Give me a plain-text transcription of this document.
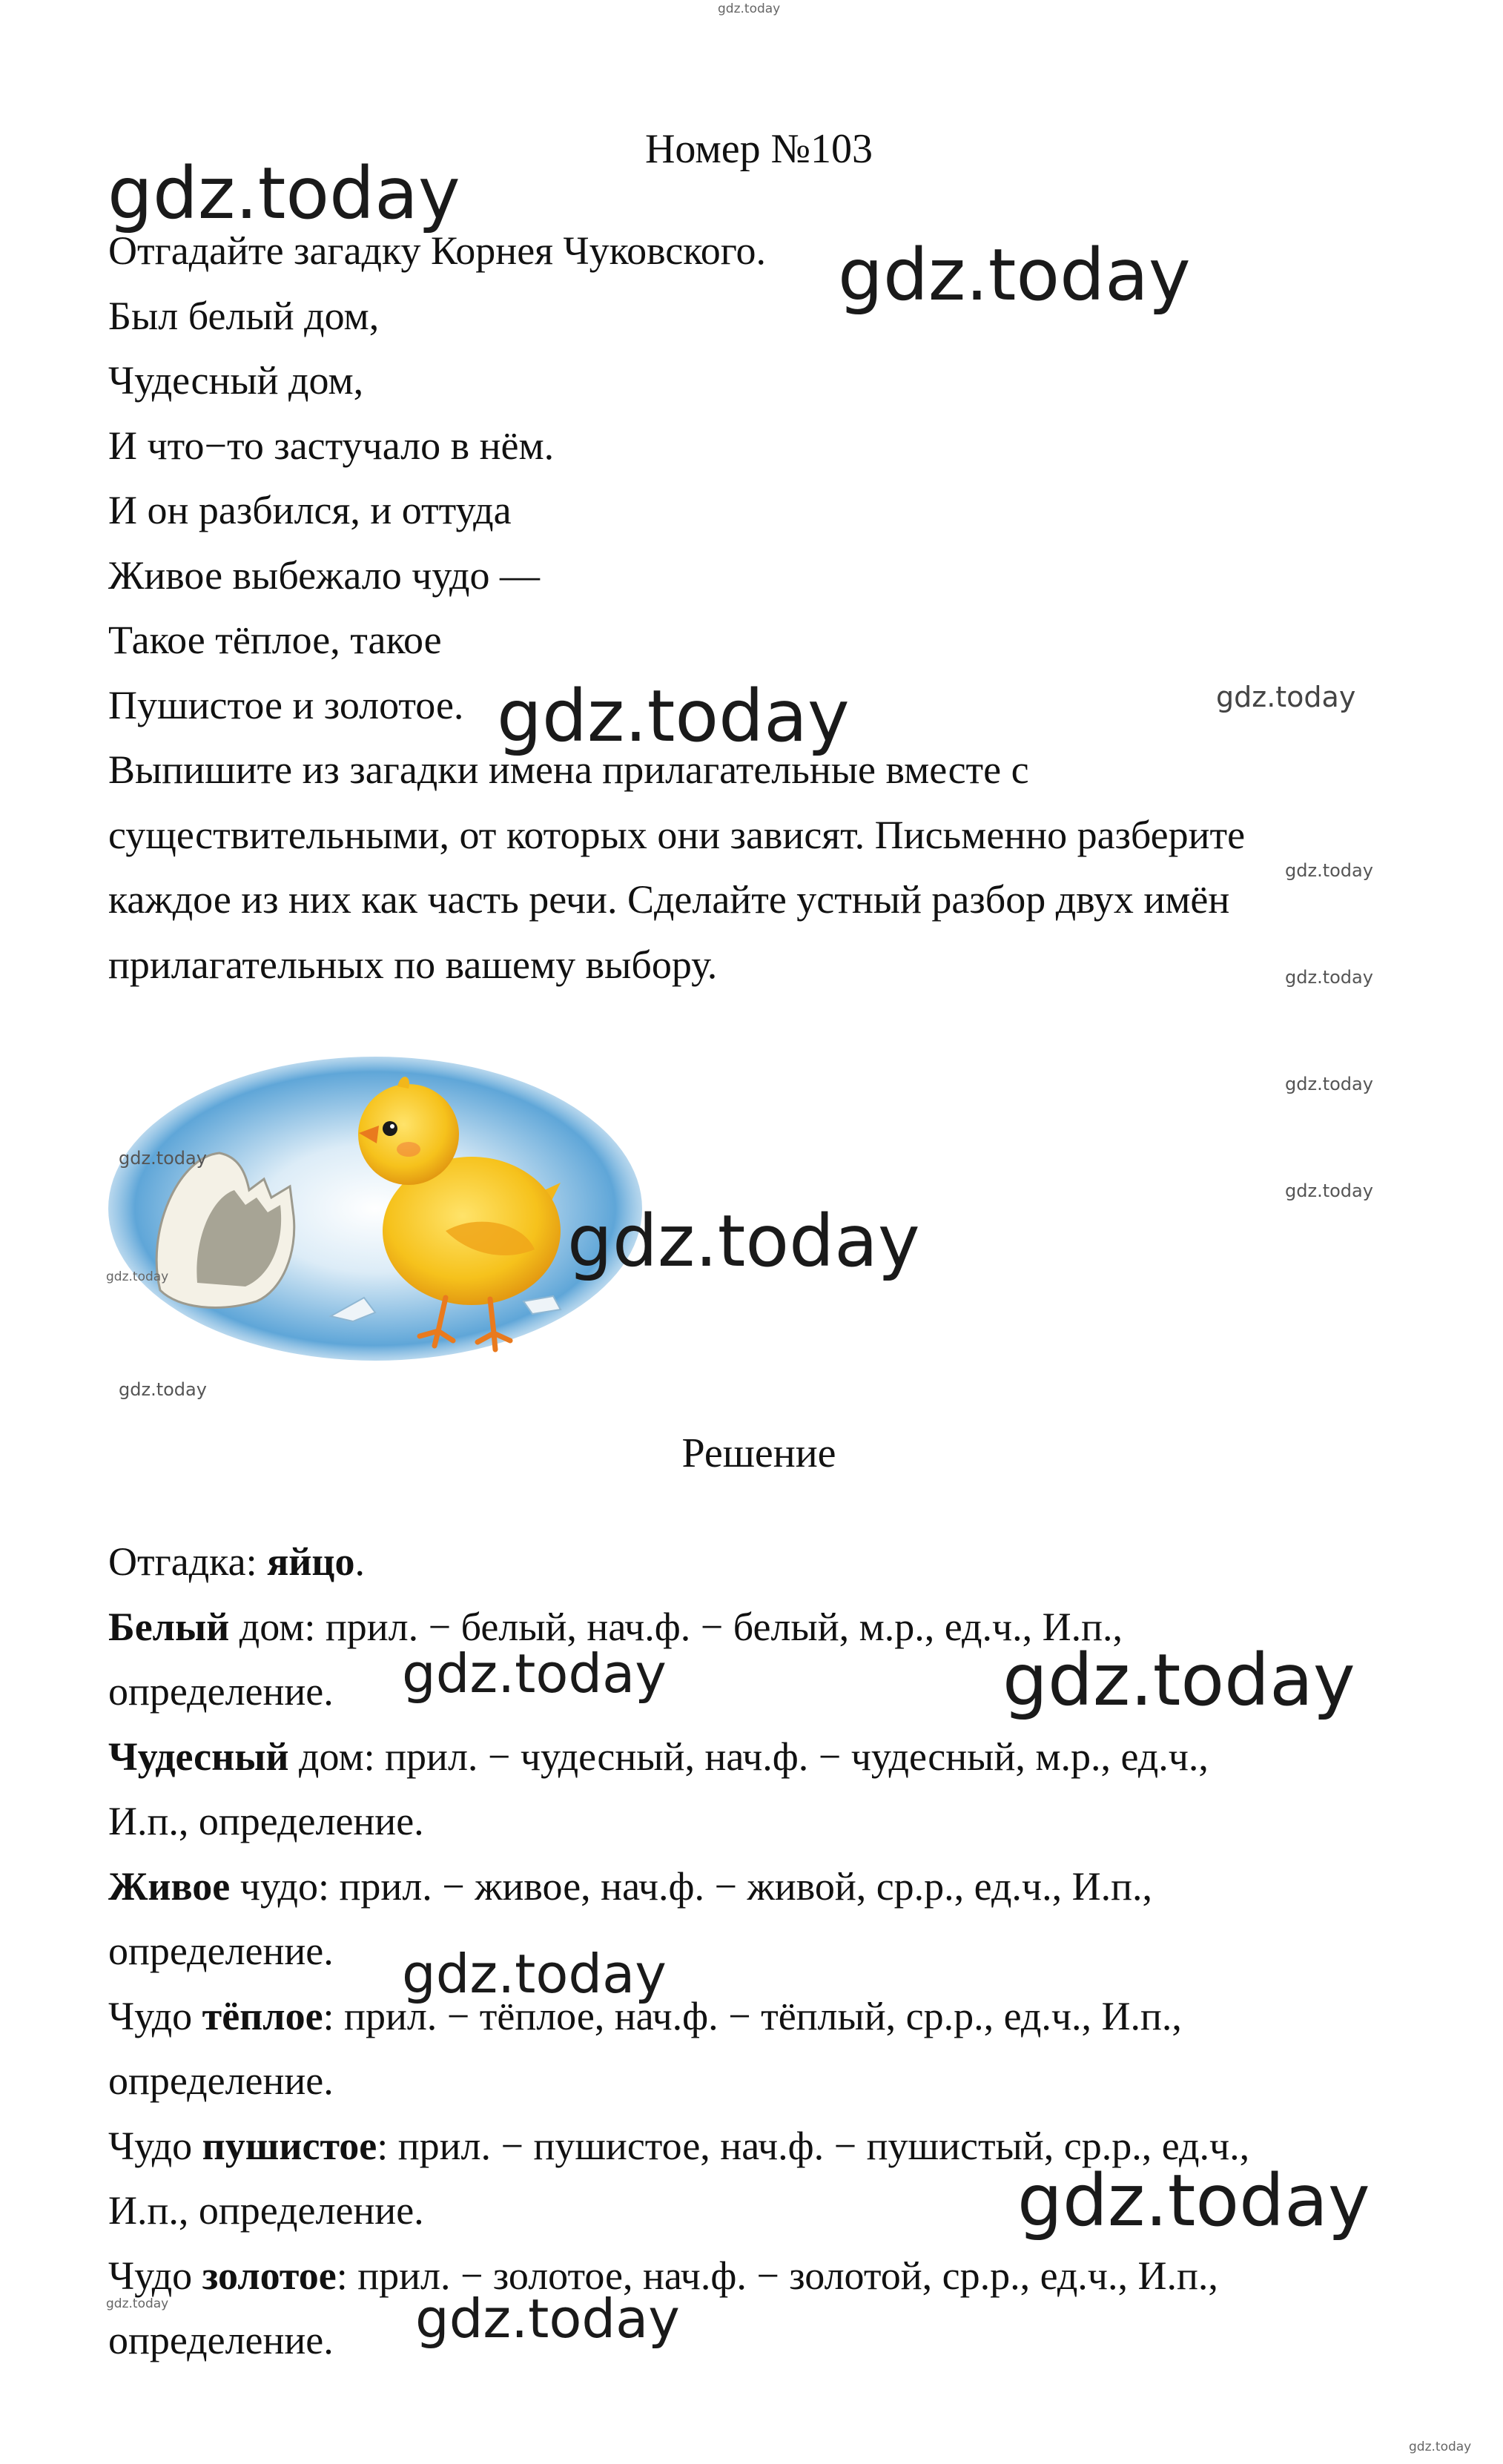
gdz.today
Номер №103

Отгадайте загадку Корнея Чуковского.

Был белый дом,

Чудесный дом,

И что−то застучало в нём.

И он разбился, и оттуда

Живое выбежало чудо —

Такое тёплое, такое

Пушистое и золотое.

Выпишите из загадки имена прилагательные вместе с

существительными, от которых они зависят. Письменно разберите

каждое из них как часть речи. Сделайте устный разбор двух имён

прилагательных по вашему выбору.

Решение

Отгадка: яйцо.

Белый дом: прил. − белый, нач.ф. − белый, м.р., ед.ч., И.п.,

определение.

Чудесный дом: прил. − чудесный, нач.ф. − чудесный, м.р., ед.ч.,

И.п., определение.

Живое чудо: прил. − живое, нач.ф. − живой, ср.р., ед.ч., И.п.,

определение.

Чудо тёплое: прил. − тёплое, нач.ф. − тёплый, ср.р., ед.ч., И.п.,

определение.

Чудо пушистое: прил. − пушистое, нач.ф. − пушистый, ср.р., ед.ч.,

И.п., определение.

Чудо золотое: прил. − золотое, нач.ф. − золотой, ср.р., ед.ч., И.п.,

определение.

gdz.today
gdz.today
gdz.today	gdz.today
gdz.today
gdz.today
gdz.today
gdz.today
gdz.today
gdz.today	gdz.today
gdz.today
gdz.today	gdz.today
gdz.today
gdz.today
gdz.today	gdz.today
gdz.today
